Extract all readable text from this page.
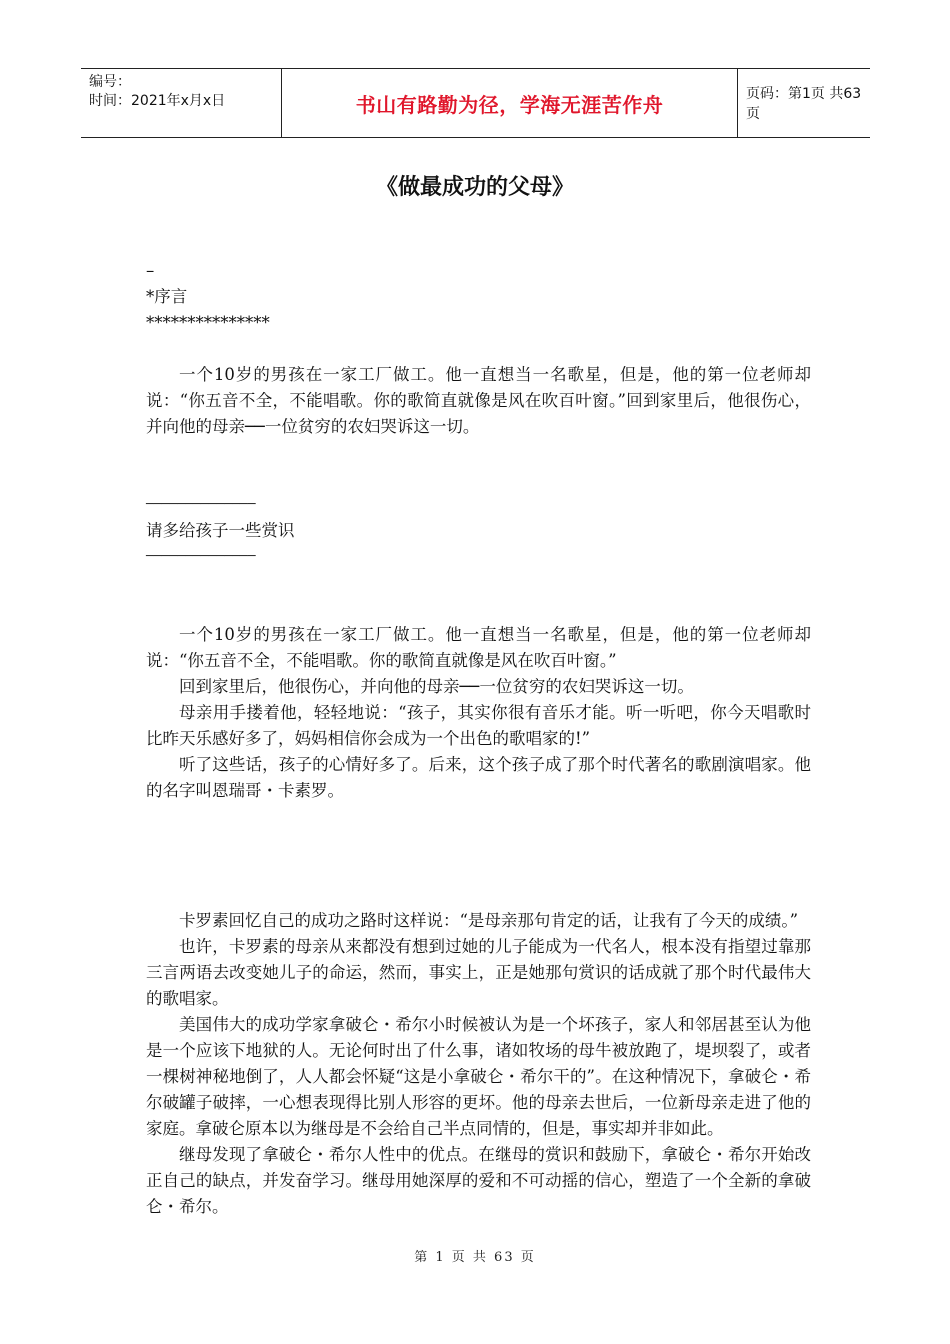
编号：
时间：2021年x月x日	书山有路勤为径，学海无涯苦作舟	页码：第1页 共63页
《做最成功的父母》
–
*序言
***************

一个10岁的男孩在一家工厂做工。他一直想当一名歌星，但是，他的第一位老师却说：“你五音不全，不能唱歌。你的歌简直就像是风在吹百叶窗。”回到家里后，他很伤心，并向他的母亲──一位贫穷的农妇哭诉这一切。

──────────────
请多给孩子一些赏识
──────────────

一个10岁的男孩在一家工厂做工。他一直想当一名歌星，但是，他的第一位老师却说：“你五音不全，不能唱歌。你的歌简直就像是风在吹百叶窗。”

回到家里后，他很伤心，并向他的母亲──一位贫穷的农妇哭诉这一切。

母亲用手搂着他，轻轻地说：“孩子，其实你很有音乐才能。听一听吧，你今天唱歌时比昨天乐感好多了，妈妈相信你会成为一个出色的歌唱家的!”

听了这些话，孩子的心情好多了。后来，这个孩子成了那个时代著名的歌剧演唱家。他的名字叫恩瑞哥・卡素罗。

卡罗素回忆自己的成功之路时这样说：“是母亲那句肯定的话，让我有了今天的成绩。”

也许，卡罗素的母亲从来都没有想到过她的儿子能成为一代名人，根本没有指望过靠那三言两语去改变她儿子的命运，然而，事实上，正是她那句赏识的话成就了那个时代最伟大的歌唱家。

美国伟大的成功学家拿破仑・希尔小时候被认为是一个坏孩子，家人和邻居甚至认为他是一个应该下地狱的人。无论何时出了什么事，诸如牧场的母牛被放跑了，堤坝裂了，或者一棵树神秘地倒了，人人都会怀疑“这是小拿破仑・希尔干的”。在这种情况下，拿破仑・希尔破罐子破摔，一心想表现得比别人形容的更坏。他的母亲去世后，一位新母亲走进了他的家庭。拿破仑原本以为继母是不会给自己半点同情的，但是，事实却并非如此。

继母发现了拿破仑・希尔人性中的优点。在继母的赏识和鼓励下，拿破仑・希尔开始改正自己的缺点，并发奋学习。继母用她深厚的爱和不可动摇的信心，塑造了一个全新的拿破仑・希尔。

第 1 页 共 63 页
